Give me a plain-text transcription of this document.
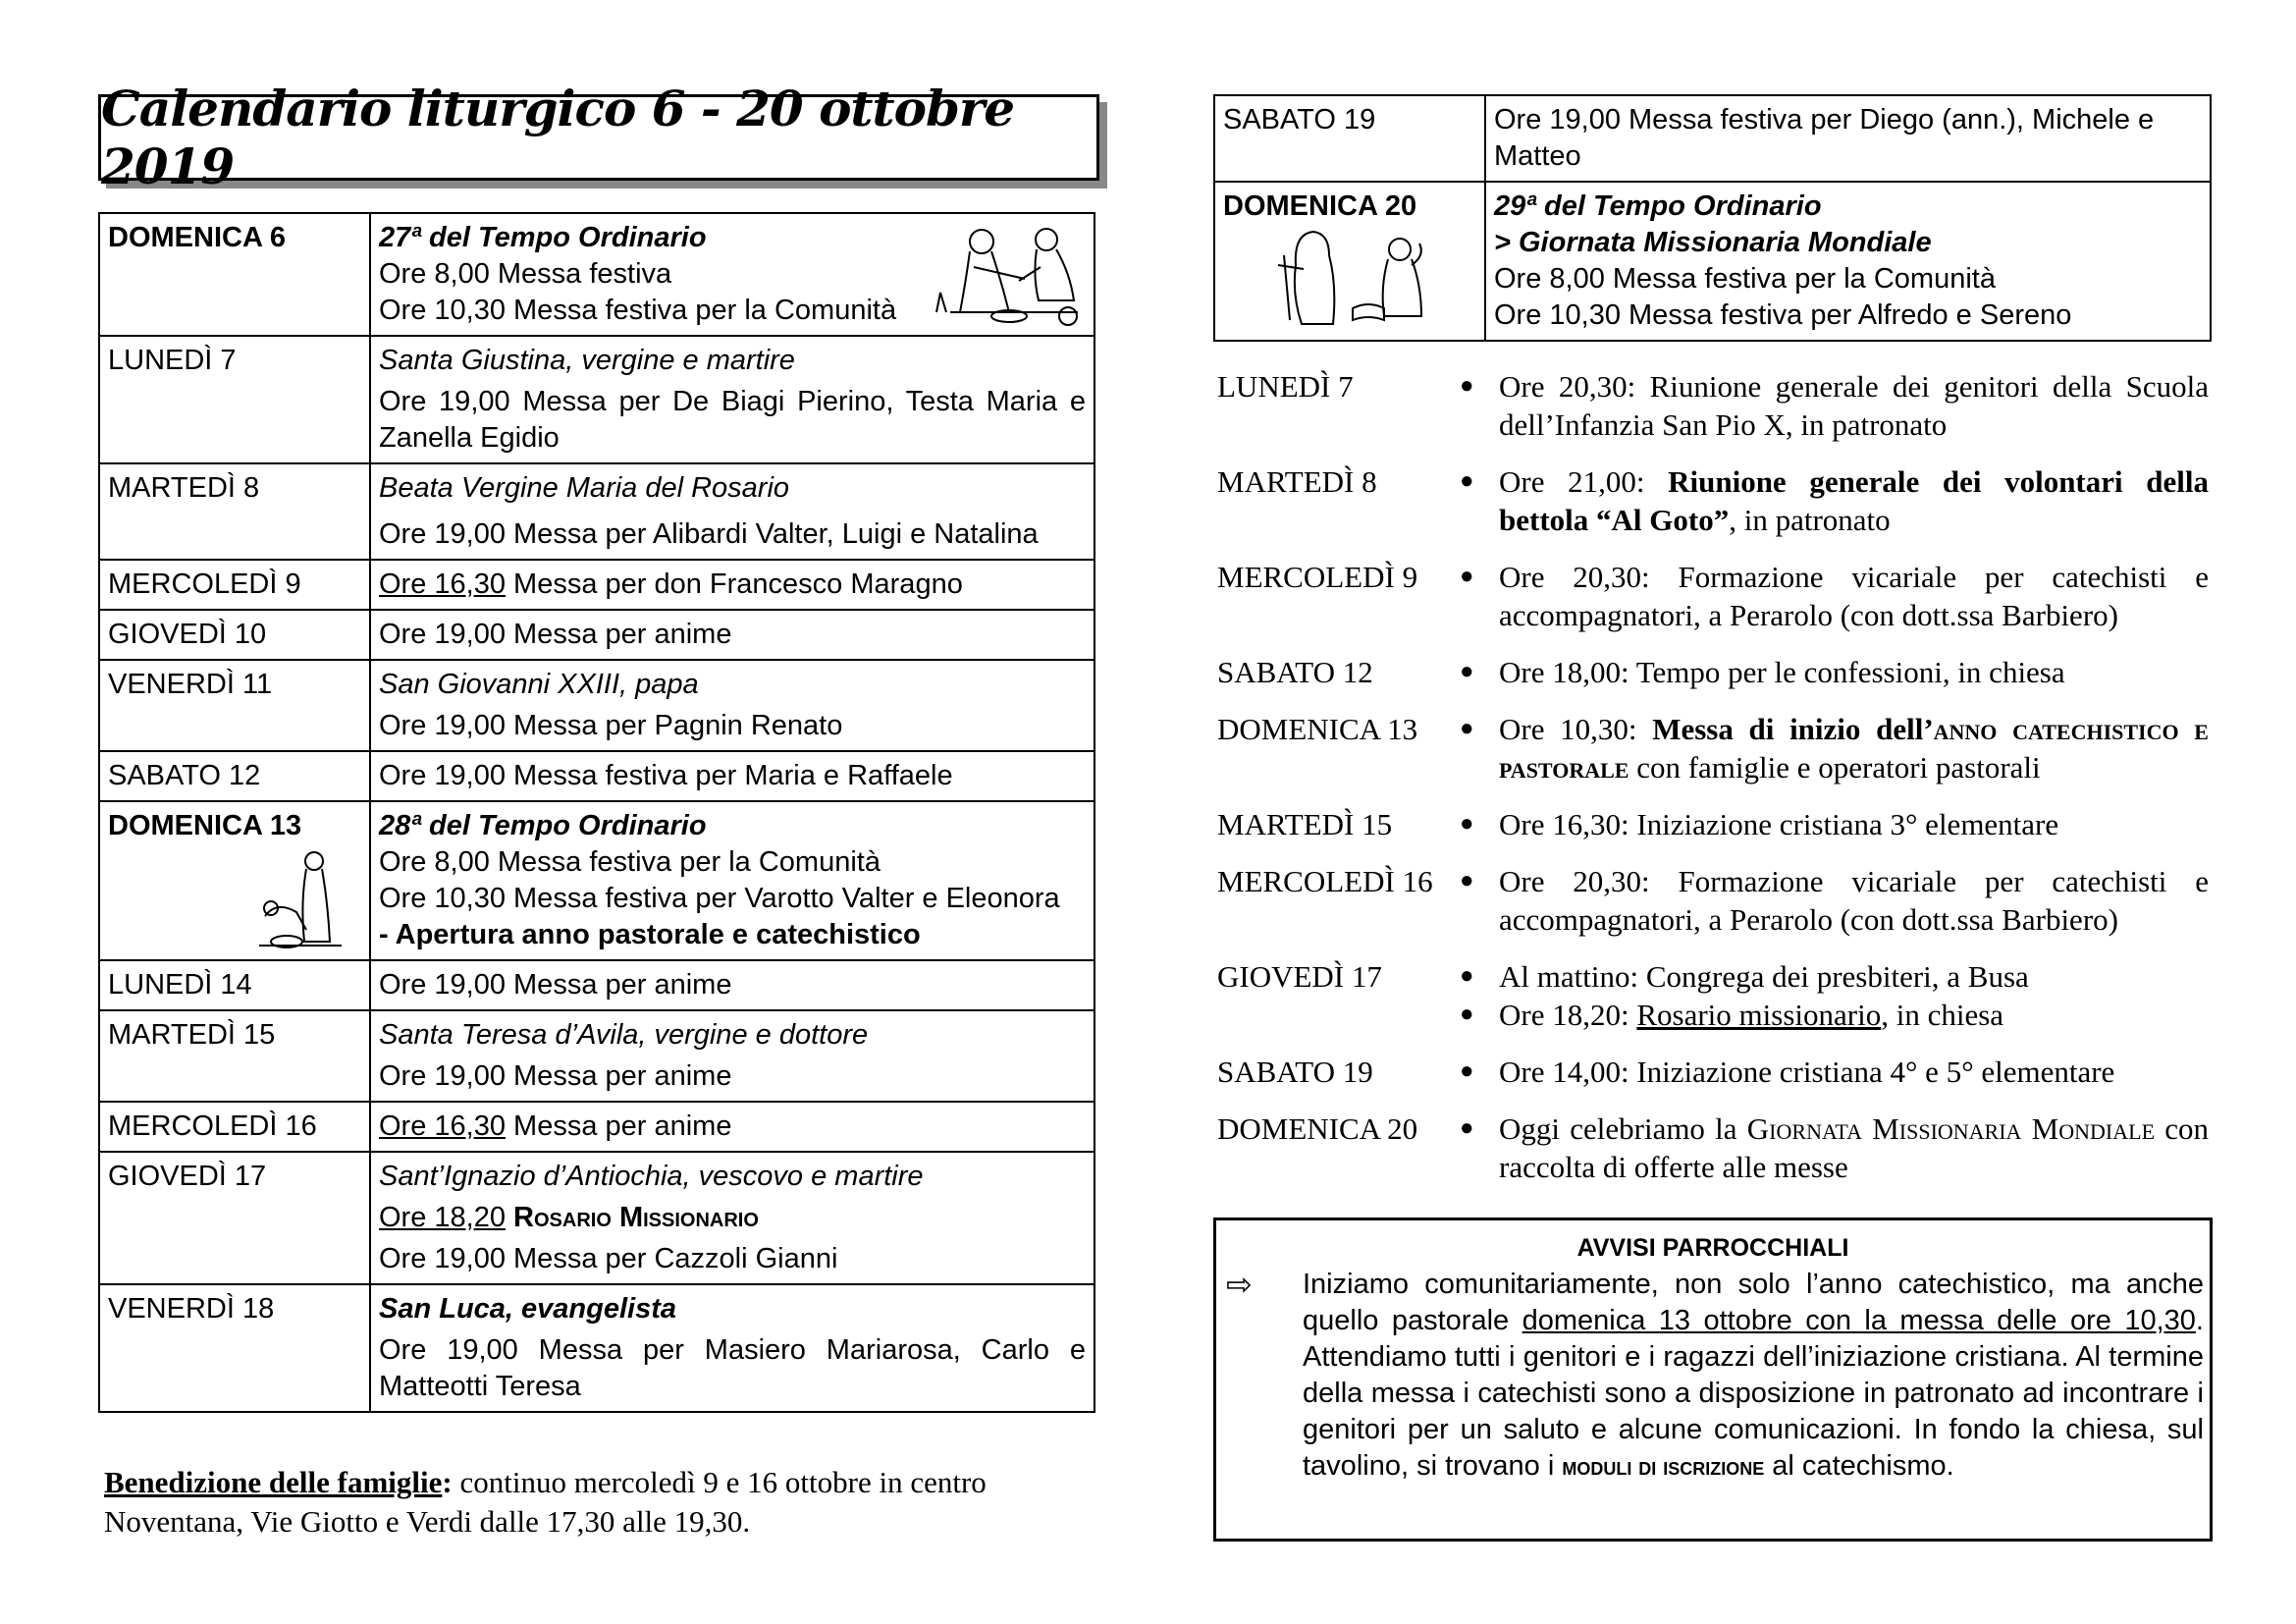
Calendario liturgico 6 - 20 ottobre 2019
DOMENICA 6	27ª del Tempo Ordinario
Ore 8,00 Messa festiva
Ore 10,30 Messa festiva per la Comunità

LUNEDÌ 7	Santa Giustina, vergine e martire
Ore 19,00 Messa per De Biagi Pierino, Testa Maria e Zanella Egidio

MARTEDÌ 8	Beata Vergine Maria del Rosario
Ore 19,00 Messa per Alibardi Valter, Luigi e Natalina

MERCOLEDÌ 9	Ore 16,30 Messa per don Francesco Maragno
GIOVEDÌ 10	Ore 19,00 Messa per anime
VENERDÌ 11	San Giovanni XXIII, papa
Ore 19,00 Messa per Pagnin Renato

SABATO 12	Ore 19,00 Messa festiva per Maria e Raffaele
DOMENICA 13	28ª del Tempo Ordinario
Ore 8,00 Messa festiva per la Comunità
Ore 10,30 Messa festiva per Varotto Valter e Eleonora
- Apertura anno pastorale e catechistico

LUNEDÌ 14	Ore 19,00 Messa per anime
MARTEDÌ 15	Santa Teresa d’Avila, vergine e dottore
Ore 19,00 Messa per anime

MERCOLEDÌ 16	Ore 16,30 Messa per anime
GIOVEDÌ 17	Sant’Ignazio d’Antiochia, vescovo e martire
Ore 18,20 Rosario Missionario
Ore 19,00 Messa per Cazzoli Gianni

VENERDÌ 18	San Luca, evangelista
Ore 19,00 Messa per Masiero Mariarosa, Carlo e Matteotti Teresa
Benedizione delle famiglie: continuo mercoledì 9 e 16 ottobre in centro Noventana, Vie Giotto e Verdi dalle 17,30 alle 19,30.
SABATO 19	Ore 19,00 Messa festiva per Diego (ann.), Michele e Matteo
DOMENICA 20	29ª del Tempo Ordinario
> Giornata Missionaria Mondiale
Ore 8,00 Messa festiva per la Comunità
Ore 10,30 Messa festiva per Alfredo e Sereno
LUNEDÌ 7	● Ore 20,30: Riunione generale dei genitori della Scuola dell’Infanzia San Pio X, in patronato
MARTEDÌ 8	● Ore 21,00: Riunione generale dei volontari della bettola “Al Goto”, in patronato
MERCOLEDÌ 9	● Ore 20,30: Formazione vicariale per catechisti e accompagnatori, a Perarolo (con dott.ssa Barbiero)
SABATO 12	● Ore 18,00: Tempo per le confessioni, in chiesa
DOMENICA 13	● Ore 10,30: Messa di inizio dell’anno catechistico e pastorale con famiglie e operatori pastorali
MARTEDÌ 15	● Ore 16,30: Iniziazione cristiana 3° elementare
MERCOLEDÌ 16	● Ore 20,30: Formazione vicariale per catechisti e accompagnatori, a Perarolo (con dott.ssa Barbiero)
GIOVEDÌ 17	● Al mattino: Congrega dei presbiteri, a Busa
● Ore 18,20: Rosario missionario, in chiesa
SABATO 19	● Ore 14,00: Iniziazione cristiana 4° e 5° elementare
DOMENICA 20	● Oggi celebriamo la Giornata Missionaria Mondiale con raccolta di offerte alle messe
AVVISI PARROCCHIALI
⇨	Iniziamo comunitariamente, non solo l’anno catechistico, ma anche quello pastorale domenica 13 ottobre con la messa delle ore 10,30. Attendiamo tutti i genitori e i ragazzi dell’iniziazione cristiana. Al termine della messa i catechisti sono a disposizione in patronato ad incontrare i genitori per un saluto e alcune comunicazioni. In fondo la chiesa, sul tavolino, si trovano i moduli di iscrizione al catechismo.
